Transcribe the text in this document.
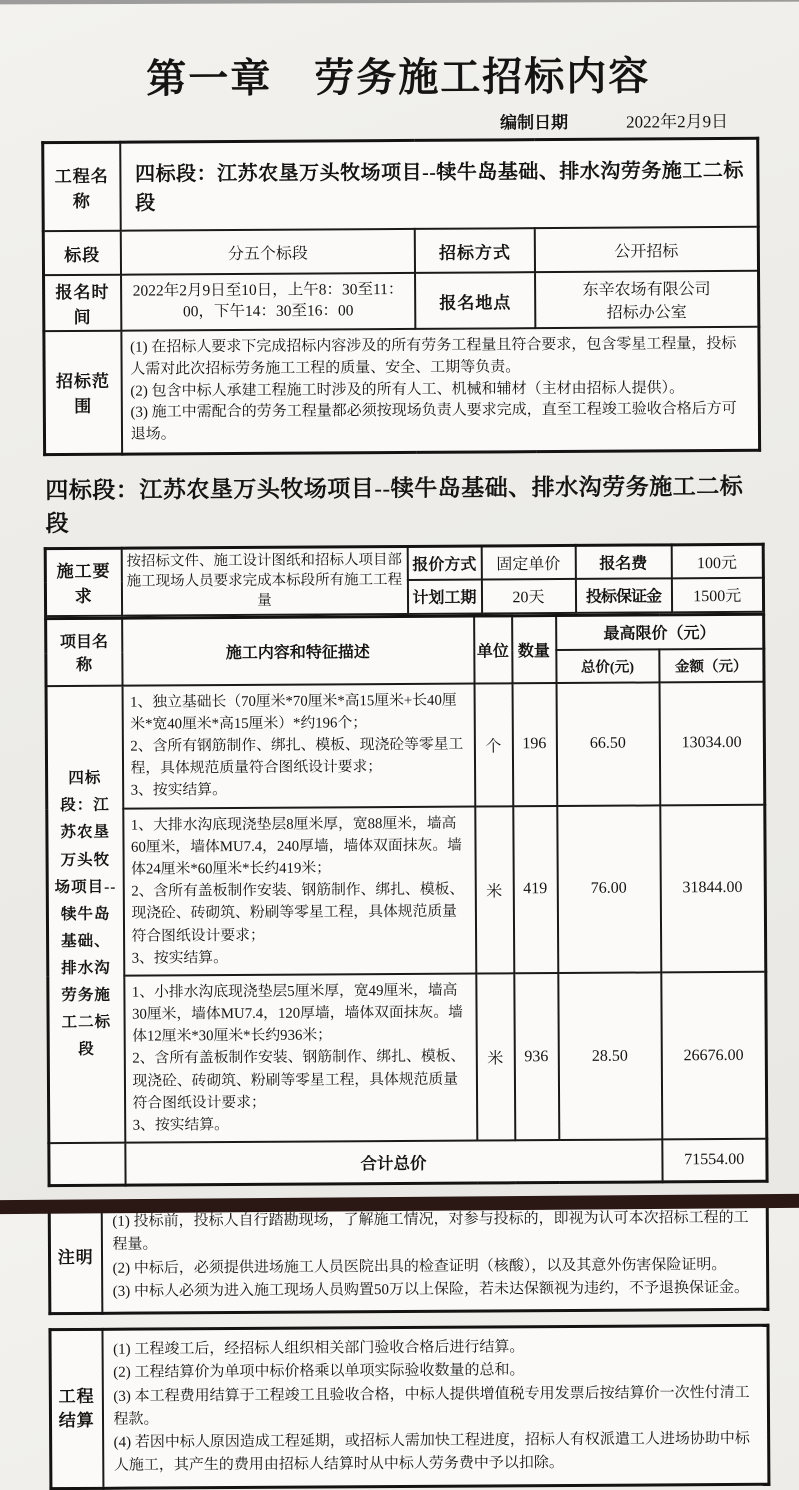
第一章　劳务施工招标内容
编制日期	2022年2月9日
工程名称	四标段：江苏农垦万头牧场项目--犊牛岛基础、排水沟劳务施工二标段		
标段	分五个标段	招标方式	公开招标
报名时间	2022年2月9日至10日，上午8：30至11：00，下午14：30至16：00	报名地点	东辛农场有限公司
招标办公室

招标范围	(1) 在招标人要求下完成招标内容涉及的所有劳务工程量且符合要求，包含零星工程量，投标人需对此次招标劳务施工工程的质量、安全、工期等负责。
(2) 包含中标人承建工程施工时涉及的所有人工、机械和辅材（主材由招标人提供）。
(3) 施工中需配合的劳务工程量都必须按现场负责人要求完成，直至工程竣工验收合格后方可退场。		
四标段：江苏农垦万头牧场项目--犊牛岛基础、排水沟劳务施工二标段
施工要求	按招标文件、施工设计图纸和招标人项目部施工现场人员要求完成本标段所有施工工程量	报价方式	固定单价	报名费	100元
		计划工期	20天	投标保证金	1500元
项目名称	施工内容和特征描述	单位	数量	最高限价（元）	
				总价(元)	金额（元）
四标段：江苏农垦万头牧场项目--犊牛岛基础、排水沟劳务施工二标段	1、独立基础长（70厘米*70厘米*高15厘米+长40厘米*宽40厘米*高15厘米）*约196个；
2、含所有钢筋制作、绑扎、模板、现浇砼等零星工程，具体规范质量符合图纸设计要求；
3、按实结算。	个	196	66.50	13034.00

	1、大排水沟底现浇垫层8厘米厚，宽88厘米，墙高60厘米，墙体MU7.4，240厚墙，墙体双面抹灰。墙体24厘米*60厘米*长约419米；
2、含所有盖板制作安装、钢筋制作、绑扎、模板、现浇砼、砖砌筑、粉刷等零星工程，具体规范质量符合图纸设计要求；
3、按实结算。	米	419	76.00	31844.00

	1、小排水沟底现浇垫层5厘米厚，宽49厘米，墙高30厘米，墙体MU7.4，120厚墙，墙体双面抹灰。墙体12厘米*30厘米*长约936米；
2、含所有盖板制作安装、钢筋制作、绑扎、模板、现浇砼、砖砌筑、粉刷等零星工程，具体规范质量符合图纸设计要求；
3、按实结算。	米	936	28.50	26676.00
	合计总价				71554.00
注明	
(1) 投标前，投标人自行踏勘现场，了解施工情况，对参与投标的，即视为认可本次招标工程的工程量。
(2) 中标后，必须提供进场施工人员医院出具的检查证明（核酸），以及其意外伤害保险证明。
(3) 中标人必须为进入施工现场人员购置50万以上保险，若未达保额视为违约，不予退换保证金。
工程结算	
(1) 工程竣工后，经招标人组织相关部门验收合格后进行结算。
(2) 工程结算价为单项中标价格乘以单项实际验收数量的总和。
(3) 本工程费用结算于工程竣工且验收合格，中标人提供增值税专用发票后按结算价一次性付清工程款。
(4) 若因中标人原因造成工程延期，或招标人需加快工程进度，招标人有权派遣工人进场协助中标人施工，其产生的费用由招标人结算时从中标人劳务费中予以扣除。
